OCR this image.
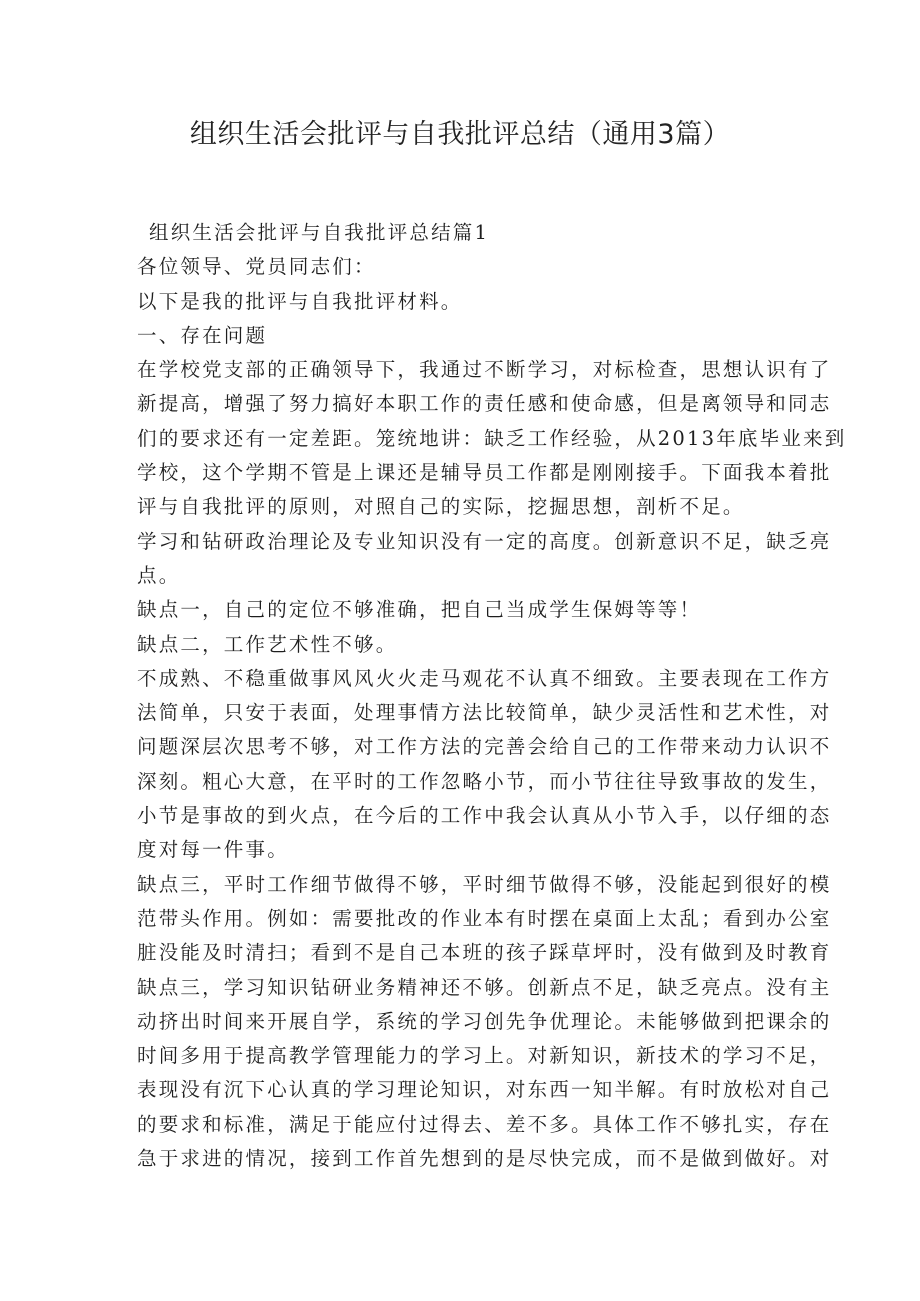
组织生活会批评与自我批评总结（通用3篇）
组织生活会批评与自我批评总结篇1
各位领导、党员同志们：
以下是我的批评与自我批评材料。
一、存在问题
在学校党支部的正确领导下，我通过不断学习，对标检查，思想认识有了
新提高，增强了努力搞好本职工作的责任感和使命感，但是离领导和同志
们的要求还有一定差距。笼统地讲：缺乏工作经验，从2013年底毕业来到
学校，这个学期不管是上课还是辅导员工作都是刚刚接手。下面我本着批
评与自我批评的原则，对照自己的实际，挖掘思想，剖析不足。
学习和钻研政治理论及专业知识没有一定的高度。创新意识不足，缺乏亮
点。
缺点一，自己的定位不够准确，把自己当成学生保姆等等！
缺点二，工作艺术性不够。
不成熟、不稳重做事风风火火走马观花不认真不细致。主要表现在工作方
法简单，只安于表面，处理事情方法比较简单，缺少灵活性和艺术性，对
问题深层次思考不够，对工作方法的完善会给自己的工作带来动力认识不
深刻。粗心大意，在平时的工作忽略小节，而小节往往导致事故的发生，
小节是事故的到火点，在今后的工作中我会认真从小节入手，以仔细的态
度对每一件事。
缺点三，平时工作细节做得不够，平时细节做得不够，没能起到很好的模
范带头作用。例如：需要批改的作业本有时摆在桌面上太乱；看到办公室
脏没能及时清扫；看到不是自己本班的孩子踩草坪时，没有做到及时教育
缺点三，学习知识钻研业务精神还不够。创新点不足，缺乏亮点。没有主
动挤出时间来开展自学，系统的学习创先争优理论。未能够做到把课余的
时间多用于提高教学管理能力的学习上。对新知识，新技术的学习不足，
表现没有沉下心认真的学习理论知识，对东西一知半解。有时放松对自己
的要求和标准，满足于能应付过得去、差不多。具体工作不够扎实，存在
急于求进的情况，接到工作首先想到的是尽快完成，而不是做到做好。对
